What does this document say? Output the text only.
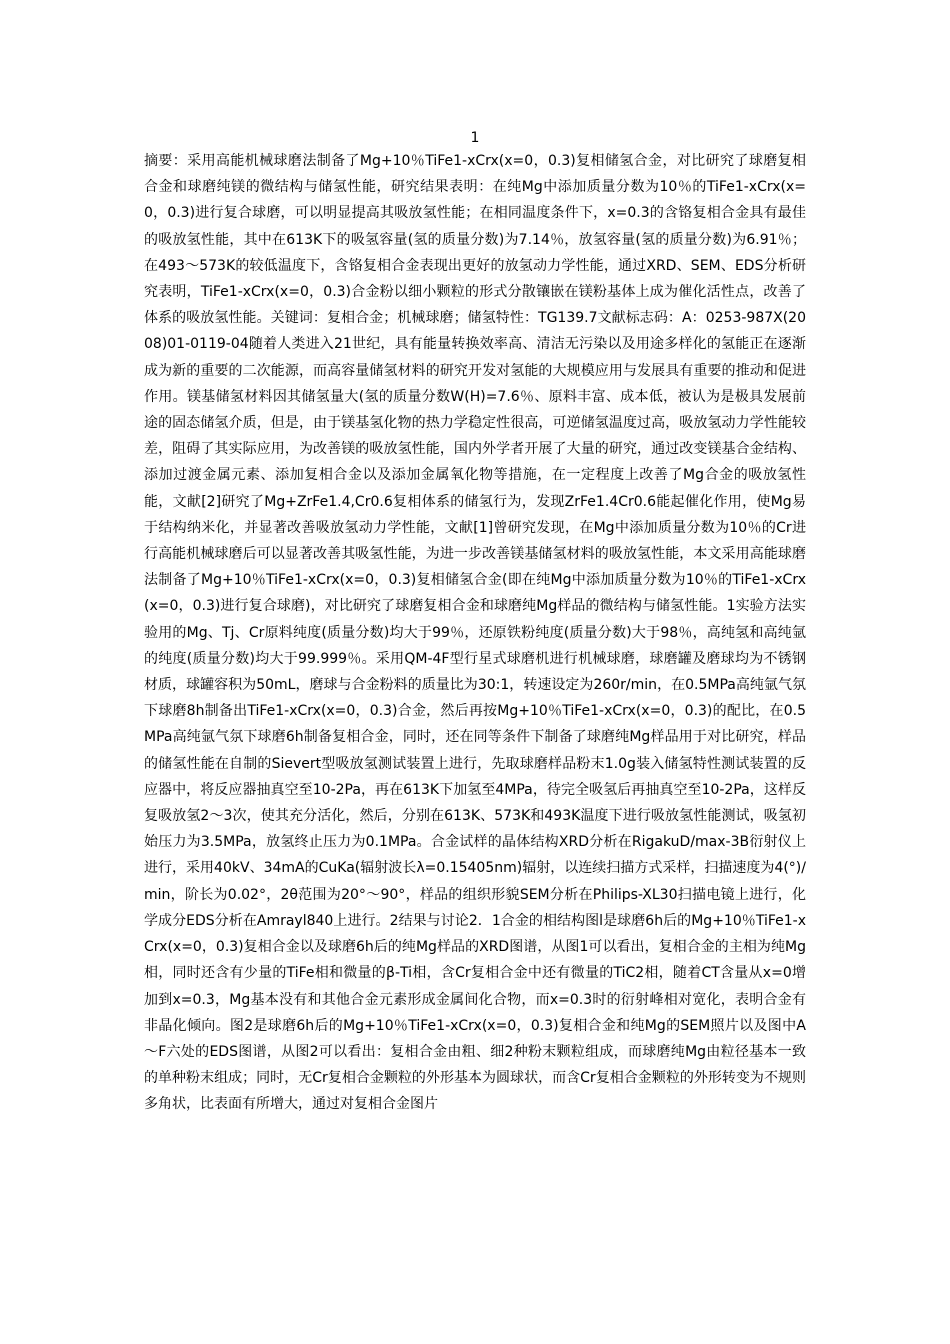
1
摘要：采用高能机械球磨法制备了Mg+10％TiFe1-xCrx(x=0，0.3)复相储氢合金，对比研究了球磨复相合金和球磨纯镁的微结构与储氢性能，研究结果表明：在纯Mg中添加质量分数为10％的TiFe1-xCrx(x=0，0.3)进行复合球磨，可以明显提高其吸放氢性能；在相同温度条件下，x=0.3的含铬复相合金具有最佳的吸放氢性能，其中在613K下的吸氢容量(氢的质量分数)为7.14％，放氢容量(氢的质量分数)为6.91％；在493～573K的较低温度下，含铬复相合金表现出更好的放氢动力学性能，通过XRD、SEM、EDS分析研究表明，TiFe1-xCrx(x=0，0.3)合金粉以细小颗粒的形式分散镶嵌在镁粉基体上成为催化活性点，改善了体系的吸放氢性能。关键词：复相合金；机械球磨；储氢特性：TG139.7文献标志码：A：0253-987X(2008)01-0119-04随着人类进入21世纪，具有能量转换效率高、清洁无污染以及用途多样化的氢能正在逐渐成为新的重要的二次能源，而高容量储氢材料的研究开发对氢能的大规模应用与发展具有重要的推动和促进作用。镁基储氢材料因其储氢量大(氢的质量分数W(H)=7.6％、原料丰富、成本低，被认为是极具发展前途的固态储氢介质，但是，由于镁基氢化物的热力学稳定性很高，可逆储氢温度过高，吸放氢动力学性能较差，阻碍了其实际应用，为改善镁的吸放氢性能，国内外学者开展了大量的研究，通过改变镁基合金结构、添加过渡金属元素、添加复相合金以及添加金属氧化物等措施，在一定程度上改善了Mg合金的吸放氢性能，文献[2]研究了Mg+ZrFe1.4,Cr0.6复相体系的储氢行为，发现ZrFe1.4Cr0.6能起催化作用，使Mg易于结构纳米化，并显著改善吸放氢动力学性能，文献[1]曾研究发现，在Mg中添加质量分数为10％的Cr进行高能机械球磨后可以显著改善其吸氢性能，为进一步改善镁基储氢材料的吸放氢性能，本文采用高能球磨法制备了Mg+10％TiFe1-xCrx(x=0，0.3)复相储氢合金(即在纯Mg中添加质量分数为10％的TiFe1-xCrx(x=0，0.3)进行复合球磨)，对比研究了球磨复相合金和球磨纯Mg样品的微结构与储氢性能。1实验方法实验用的Mg、Tj、Cr原料纯度(质量分数)均大于99％，还原铁粉纯度(质量分数)大于98％，高纯氢和高纯氩的纯度(质量分数)均大于99.999％。采用QM-4F型行星式球磨机进行机械球磨，球磨罐及磨球均为不锈钢材质，球罐容积为50mL，磨球与合金粉料的质量比为30:1，转速设定为260r/min，在0.5MPa高纯氩气氛下球磨8h制备出TiFe1-xCrx(x=0，0.3)合金，然后再按Mg+10％TiFe1-xCrx(x=0，0.3)的配比，在0.5MPa高纯氩气氛下球磨6h制备复相合金，同时，还在同等条件下制备了球磨纯Mg样品用于对比研究，样品的储氢性能在自制的Sievert型吸放氢测试装置上进行，先取球磨样品粉末1.0g装入储氢特性测试装置的反应器中，将反应器抽真空至10-2Pa，再在613K下加氢至4MPa，待完全吸氢后再抽真空至10-2Pa，这样反复吸放氢2～3次，使其充分活化，然后，分别在613K、573K和493K温度下进行吸放氢性能测试，吸氢初始压力为3.5MPa，放氢终止压力为0.1MPa。合金试样的晶体结构XRD分析在RigakuD/max-3B衍射仪上进行，采用40kV、34mA的CuKa(辐射波长λ=0.15405nm)辐射，以连续扫描方式采样，扫描速度为4(°)/min，阶长为0.02°，2θ范围为20°～90°，样品的组织形貌SEM分析在Philips-XL30扫描电镜上进行，化学成分EDS分析在Amrayl840上进行。2结果与讨论2．1合金的相结构图l是球磨6h后的Mg+10％TiFe1-xCrx(x=0，0.3)复相合金以及球磨6h后的纯Mg样品的XRD图谱，从图1可以看出，复相合金的主相为纯Mg相，同时还含有少量的TiFe相和微量的β-Ti相，含Cr复相合金中还有微量的TiC2相，随着CT含量从x=0增加到x=0.3，Mg基本没有和其他合金元素形成金属间化合物，而x=0.3时的衍射峰相对宽化，表明合金有非晶化倾向。图2是球磨6h后的Mg+10％TiFe1-xCrx(x=0，0.3)复相合金和纯Mg的SEM照片以及图中A～F六处的EDS图谱，从图2可以看出：复相合金由粗、细2种粉末颗粒组成，而球磨纯Mg由粒径基本一致的单种粉末组成；同时，无Cr复相合金颗粒的外形基本为圆球状，而含Cr复相合金颗粒的外形转变为不规则多角状，比表面有所增大，通过对复相合金图片
